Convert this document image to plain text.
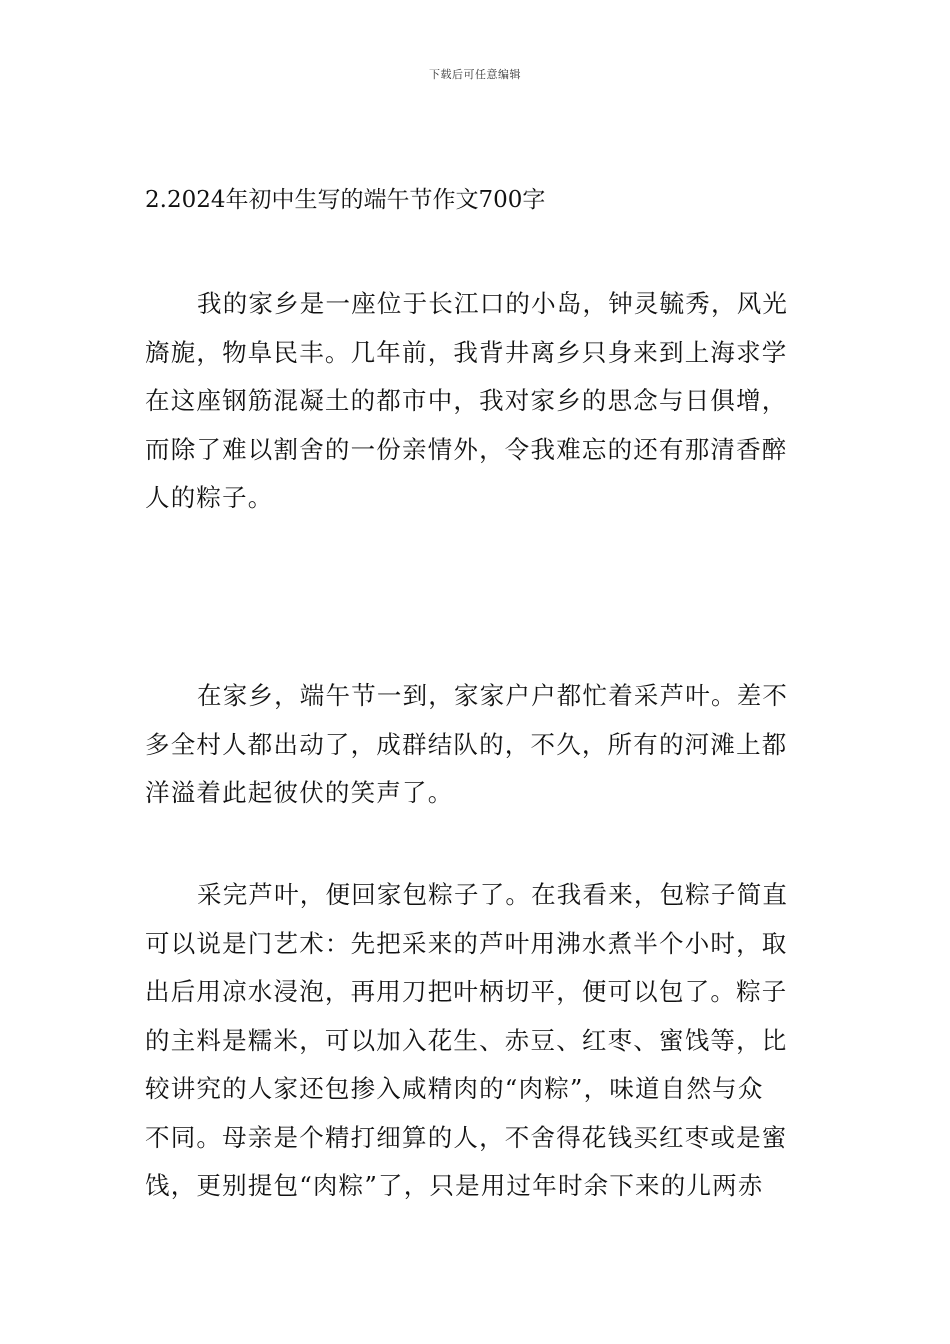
下载后可任意编辑
2.2024年初中生写的端午节作文700字
我的家乡是一座位于长江口的小岛，钟灵毓秀，风光
旖旎，物阜民丰。几年前，我背井离乡只身来到上海求学
在这座钢筋混凝土的都市中，我对家乡的思念与日俱增，
而除了难以割舍的一份亲情外，令我难忘的还有那清香醉
人的粽子。
在家乡，端午节一到，家家户户都忙着采芦叶。差不
多全村人都出动了，成群结队的，不久，所有的河滩上都
洋溢着此起彼伏的笑声了。
采完芦叶，便回家包粽子了。在我看来，包粽子简直
可以说是门艺术：先把采来的芦叶用沸水煮半个小时，取
出后用凉水浸泡，再用刀把叶柄切平，便可以包了。粽子
的主料是糯米，可以加入花生、赤豆、红枣、蜜饯等，比
较讲究的人家还包掺入咸精肉的“肉粽”，味道自然与众
不同。母亲是个精打细算的人，不舍得花钱买红枣或是蜜
饯，更别提包“肉粽”了，只是用过年时余下来的儿两赤
